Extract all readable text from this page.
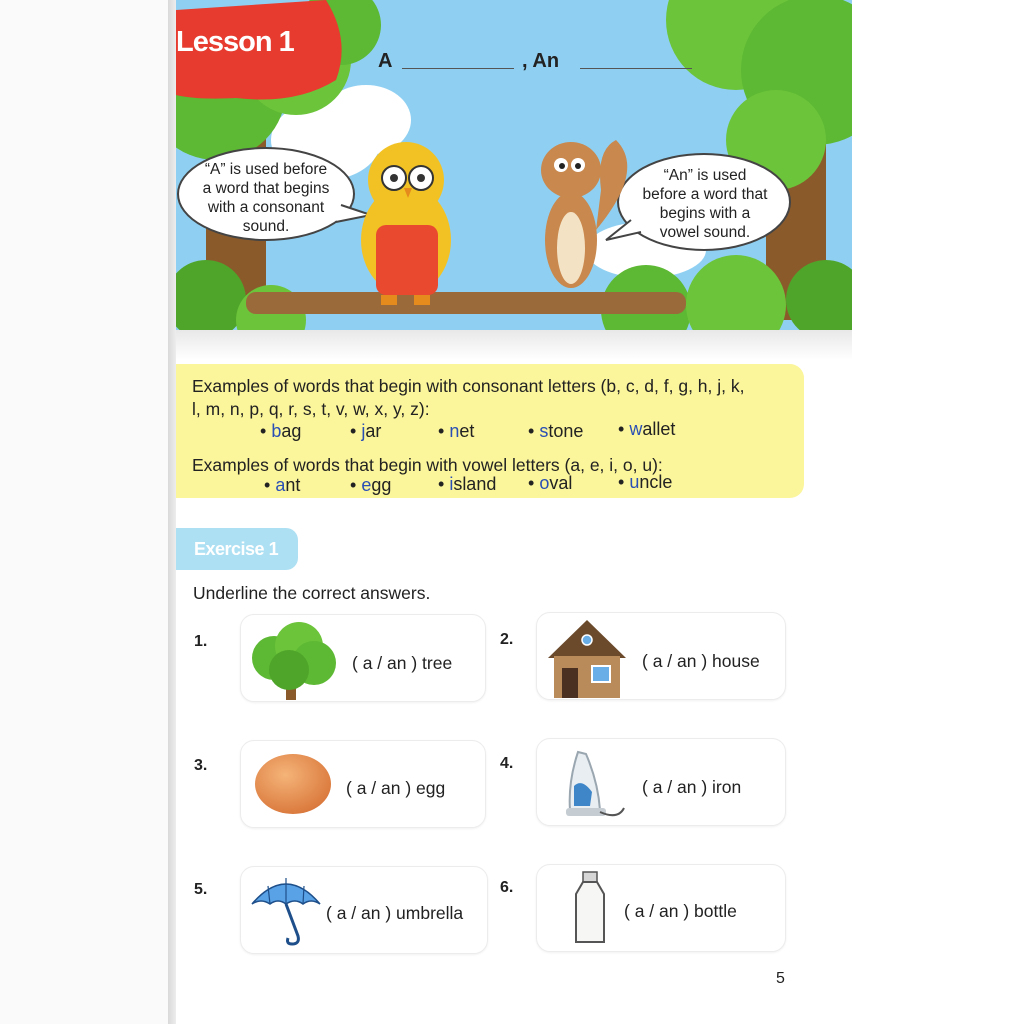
Lesson 1
A	, An
“A” is used before
a word that begins
with a consonant
sound.
“An” is used
before a word that
begins with a
vowel sound.
Examples of words that begin with consonant letters (b, c, d, f, g, h, j, k,
l, m, n, p, q, r, s, t, v, w, x, y, z):
• bag	• jar	• net	• stone • wallet
Examples of words that begin with vowel letters (a, e, i, o, u):
• ant	• egg	• island • oval	• uncle
Exercise 1
Underline the correct answers.
1.
( a / an ) tree
2.
( a / an ) house
3.
( a / an ) egg
4.
( a / an ) iron
5.
( a / an ) umbrella
6.
( a / an ) bottle
5
